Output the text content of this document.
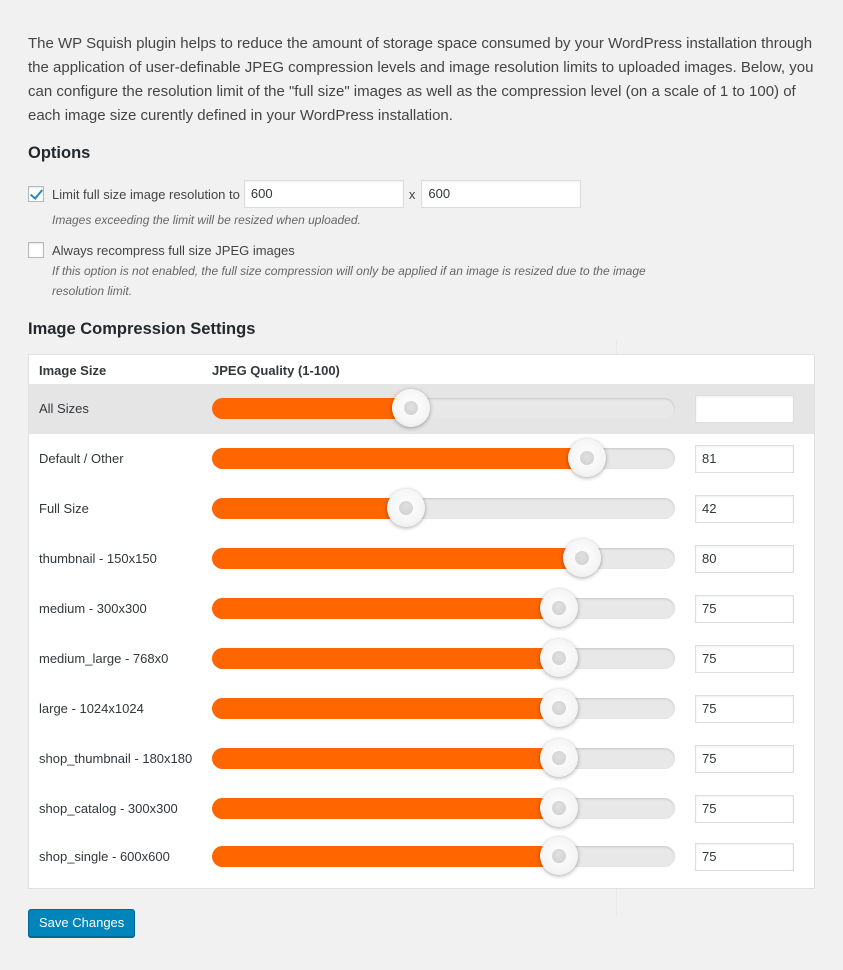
The WP Squish plugin helps to reduce the amount of storage space consumed by your WordPress installation through the application of user-definable JPEG compression levels and image resolution limits to uploaded images. Below, you can configure the resolution limit of the "full size" images as well as the compression level (on a scale of 1 to 100) of each image size curently defined in your WordPress installation.

Options
Limit full size image resolution to 600	x	600

Images exceeding the limit will be resized when uploaded.

Always recompress full size JPEG images

If this option is not enabled, the full size compression will only be applied if an image is resized due to the image resolution limit.

Image Compression Settings
Image Size	JPEG Quality (1-100)
All Sizes
Default / Other	81
Full Size	42
thumbnail - 150x150	80
medium - 300x300	75
medium_large - 768x0	75
large - 1024x1024	75
shop_thumbnail - 180x180	75
shop_catalog - 300x300	75
shop_single - 600x600	75
Save Changes
